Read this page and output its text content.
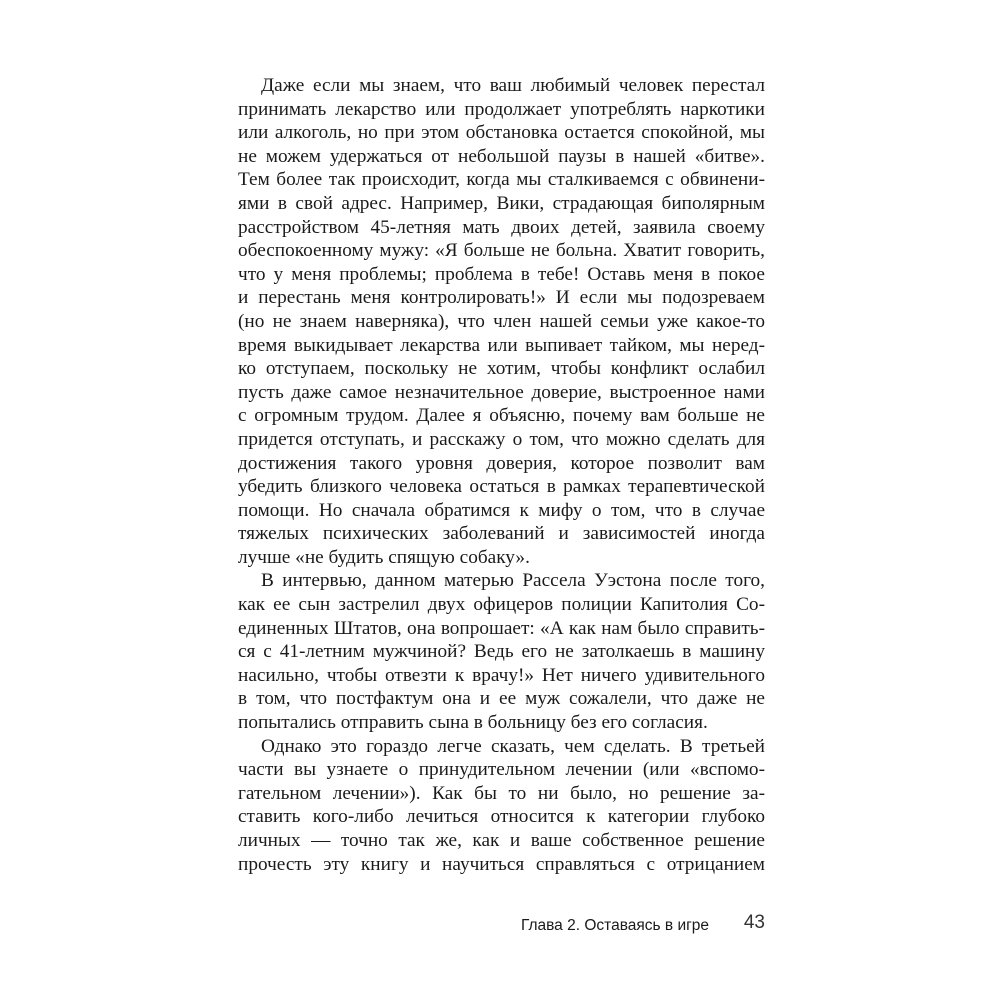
Даже если мы знаем, что ваш любимый человек перестал
принимать лекарство или продолжает употреблять наркотики
или алкоголь, но при этом обстановка остается спокойной, мы
не можем удержаться от небольшой паузы в нашей «битве».
Тем более так происходит, когда мы сталкиваемся с обвинени-
ями в свой адрес. Например, Вики, страдающая биполярным
расстройством 45-летняя мать двоих детей, заявила своему
обеспокоенному мужу: «Я больше не больна. Хватит говорить,
что у меня проблемы; проблема в тебе! Оставь меня в покое
и перестань меня контролировать!» И если мы подозреваем
(но не знаем наверняка), что член нашей семьи уже какое-то
время выкидывает лекарства или выпивает тайком, мы неред-
ко отступаем, поскольку не хотим, чтобы конфликт ослабил
пусть даже самое незначительное доверие, выстроенное нами
с огромным трудом. Далее я объясню, почему вам больше не
придется отступать, и расскажу о том, что можно сделать для
достижения такого уровня доверия, которое позволит вам
убедить близкого человека остаться в рамках терапевтической
помощи. Но сначала обратимся к мифу о том, что в случае
тяжелых психических заболеваний и зависимостей иногда
лучше «не будить спящую собаку».
В интервью, данном матерью Рассела Уэстона после того,
как ее сын застрелил двух офицеров полиции Капитолия Со-
единенных Штатов, она вопрошает: «А как нам было справить-
ся с 41-летним мужчиной? Ведь его не затолкаешь в машину
насильно, чтобы отвезти к врачу!» Нет ничего удивительного
в том, что постфактум она и ее муж сожалели, что даже не
попытались отправить сына в больницу без его согласия.
Однако это гораздо легче сказать, чем сделать. В третьей
части вы узнаете о принудительном лечении (или «вспомо-
гательном лечении»). Как бы то ни было, но решение за-
ставить кого-либо лечиться относится к категории глубоко
личных — точно так же, как и ваше собственное решение
прочесть эту книгу и научиться справляться с отрицанием
Глава 2. Оставаясь в игре 43
